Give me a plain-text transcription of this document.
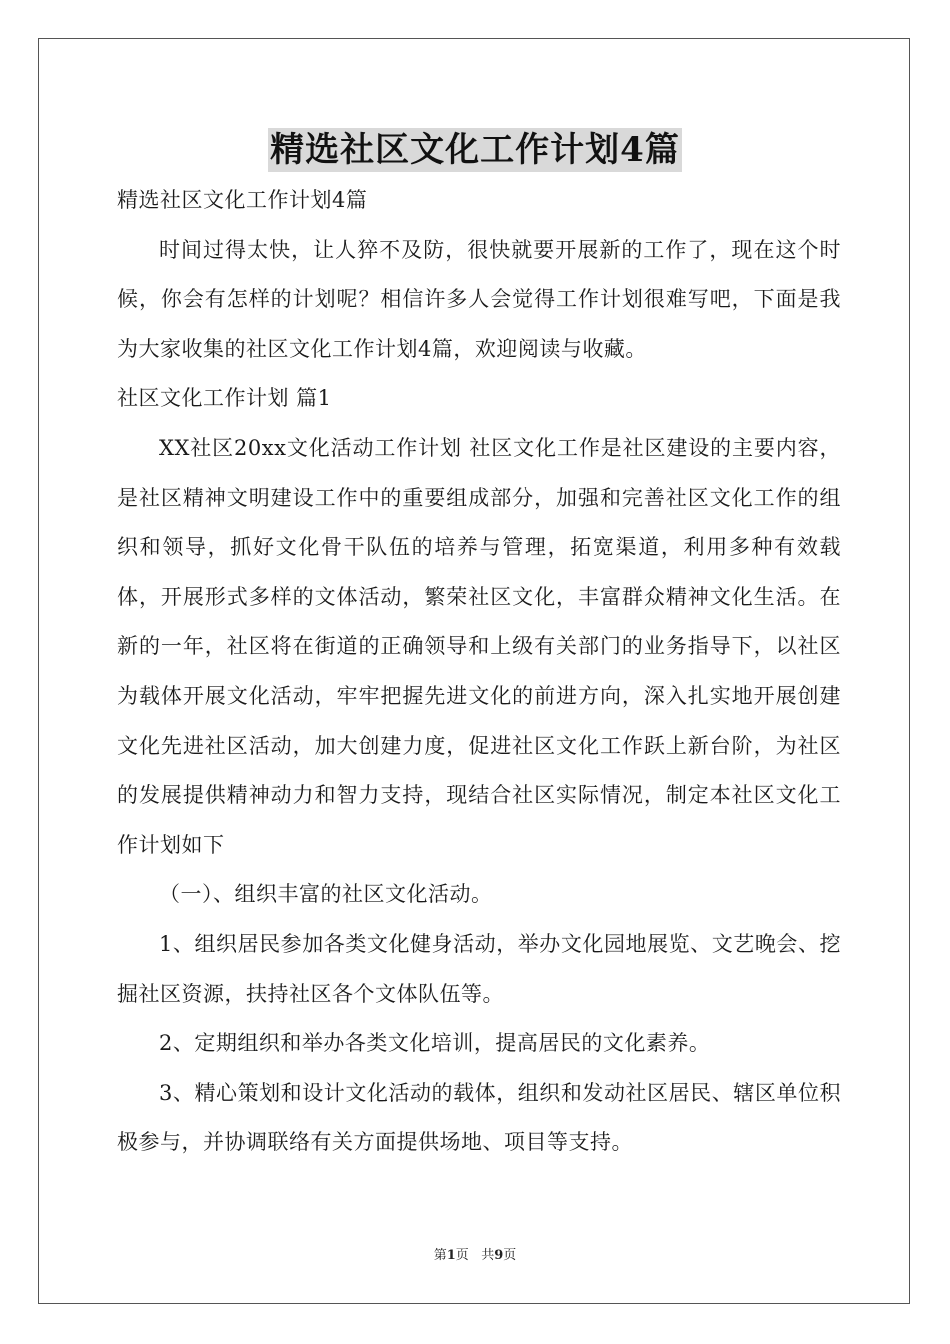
精选社区文化工作计划4篇

精选社区文化工作计划4篇

时间过得太快，让人猝不及防，很快就要开展新的工作了，现在这个时候，你会有怎样的计划呢？相信许多人会觉得工作计划很难写吧，下面是我为大家收集的社区文化工作计划4篇，欢迎阅读与收藏。

社区文化工作计划 篇1

XX社区20xx文化活动工作计划 社区文化工作是社区建设的主要内容，是社区精神文明建设工作中的重要组成部分，加强和完善社区文化工作的组织和领导，抓好文化骨干队伍的培养与管理，拓宽渠道，利用多种有效载体，开展形式多样的文体活动，繁荣社区文化，丰富群众精神文化生活。在新的一年，社区将在街道的正确领导和上级有关部门的业务指导下，以社区为载体开展文化活动，牢牢把握先进文化的前进方向，深入扎实地开展创建文化先进社区活动，加大创建力度，促进社区文化工作跃上新台阶，为社区的发展提供精神动力和智力支持，现结合社区实际情况，制定本社区文化工作计划如下

（一）、组织丰富的社区文化活动。

1、组织居民参加各类文化健身活动，举办文化园地展览、文艺晚会、挖掘社区资源，扶持社区各个文体队伍等。

2、定期组织和举办各类文化培训，提高居民的文化素养。

3、精心策划和设计文化活动的载体，组织和发动社区居民、辖区单位积极参与，并协调联络有关方面提供场地、项目等支持。

第1页 共9页
